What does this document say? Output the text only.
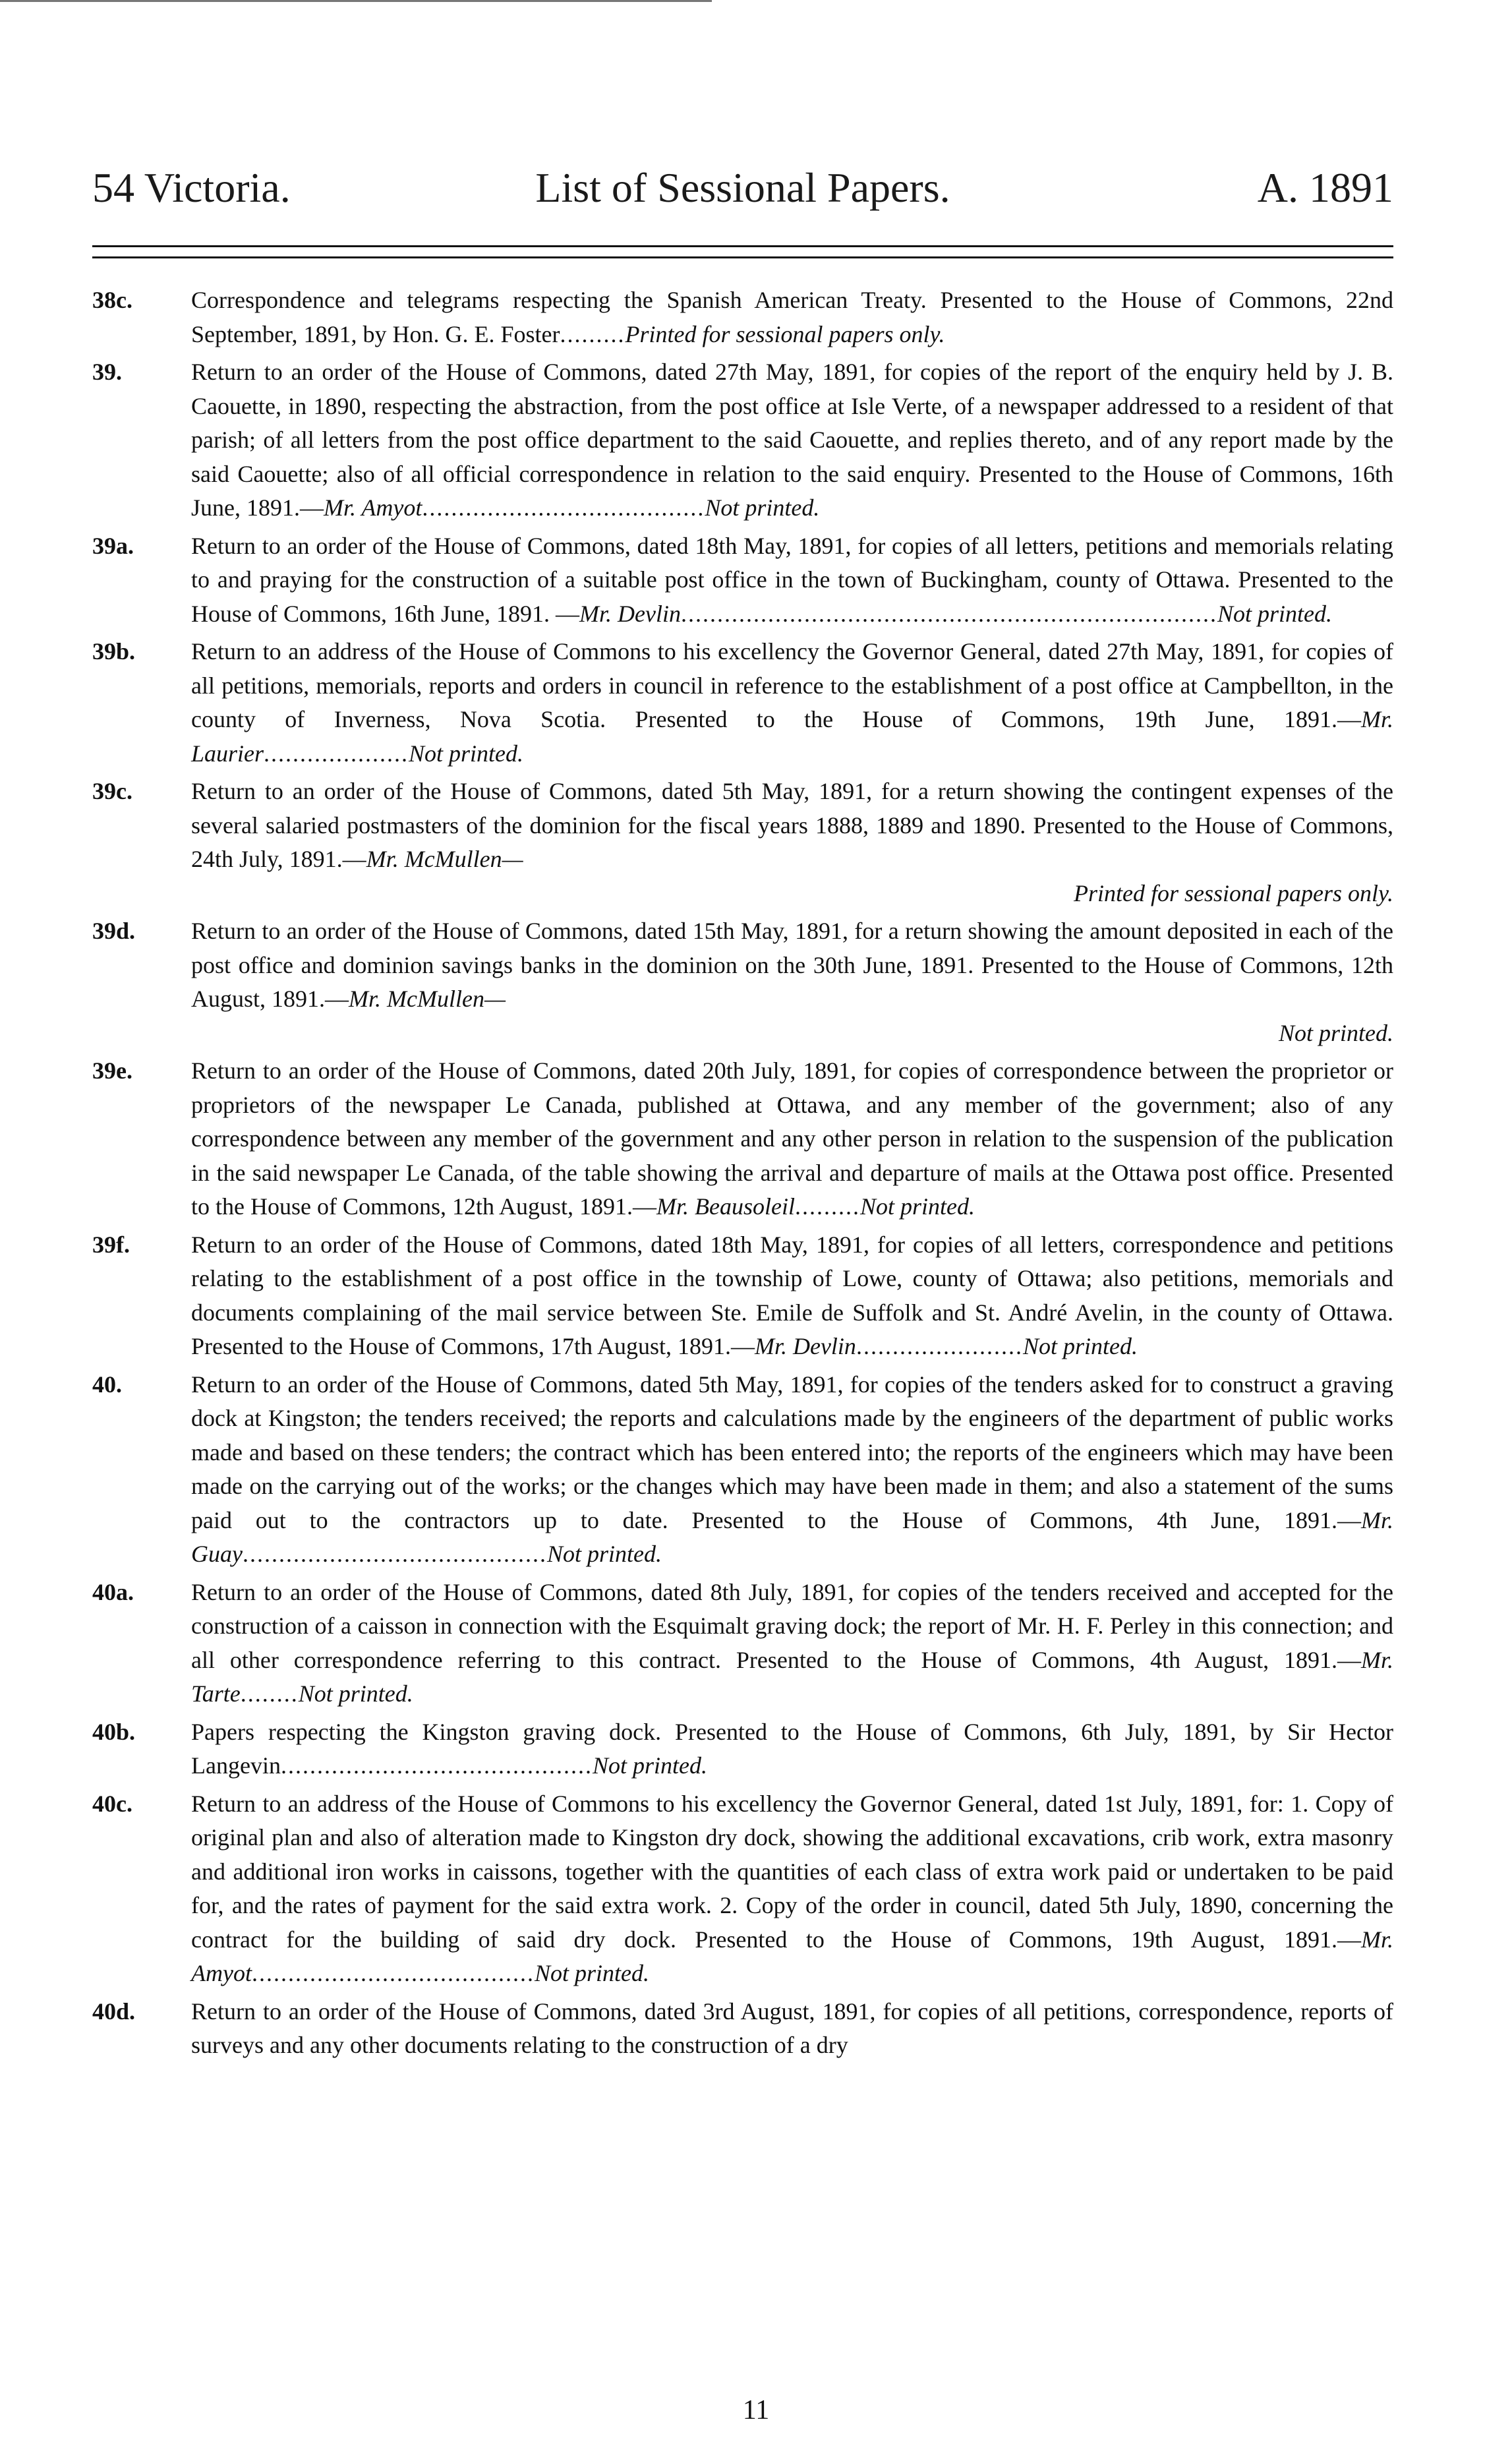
54 Victoria.	List of Sessional Papers.	A. 1891
38c.	Correspondence and telegrams respecting the Spanish American Treaty. Presented to the House of Commons, 22nd September, 1891, by Hon. G. E. Foster.........Printed for sessional papers only.
39.	Return to an order of the House of Commons, dated 27th May, 1891, for copies of the report of the enquiry held by J. B. Caouette, in 1890, respecting the abstraction, from the post office at Isle Verte, of a newspaper addressed to a resident of that parish; of all letters from the post office department to the said Caouette, and replies thereto, and of any report made by the said Caouette; also of all official correspondence in relation to the said enquiry. Presented to the House of Commons, 16th June, 1891.—Mr. Amyot.......................................Not printed.
39a.	Return to an order of the House of Commons, dated 18th May, 1891, for copies of all letters, petitions and memorials relating to and praying for the construction of a suitable post office in the town of Buckingham, county of Ottawa. Presented to the House of Commons, 16th June, 1891. —Mr. Devlin..........................................................................Not printed.
39b.	Return to an address of the House of Commons to his excellency the Governor General, dated 27th May, 1891, for copies of all petitions, memorials, reports and orders in council in reference to the establishment of a post office at Campbellton, in the county of Inverness, Nova Scotia. Presented to the House of Commons, 19th June, 1891.—Mr. Laurier....................Not printed.
39c.	Return to an order of the House of Commons, dated 5th May, 1891, for a return showing the contingent expenses of the several salaried postmasters of the dominion for the fiscal years 1888, 1889 and 1890. Presented to the House of Commons, 24th July, 1891.—Mr. McMullen—
Printed for sessional papers only.
39d.	Return to an order of the House of Commons, dated 15th May, 1891, for a return showing the amount deposited in each of the post office and dominion savings banks in the dominion on the 30th June, 1891. Presented to the House of Commons, 12th August, 1891.—Mr. McMullen—
Not printed.
39e.	Return to an order of the House of Commons, dated 20th July, 1891, for copies of correspondence between the proprietor or proprietors of the newspaper Le Canada, published at Ottawa, and any member of the government; also of any correspondence between any member of the government and any other person in relation to the suspension of the publication in the said newspaper Le Canada, of the table showing the arrival and departure of mails at the Ottawa post office. Presented to the House of Commons, 12th August, 1891.—Mr. Beausoleil.........Not printed.
39f.	Return to an order of the House of Commons, dated 18th May, 1891, for copies of all letters, correspondence and petitions relating to the establishment of a post office in the township of Lowe, county of Ottawa; also petitions, memorials and documents complaining of the mail service between Ste. Emile de Suffolk and St. André Avelin, in the county of Ottawa. Presented to the House of Commons, 17th August, 1891.—Mr. Devlin.......................Not printed.
40.	Return to an order of the House of Commons, dated 5th May, 1891, for copies of the tenders asked for to construct a graving dock at Kingston; the tenders received; the reports and calculations made by the engineers of the department of public works made and based on these tenders; the contract which has been entered into; the reports of the engineers which may have been made on the carrying out of the works; or the changes which may have been made in them; and also a statement of the sums paid out to the contractors up to date. Presented to the House of Commons, 4th June, 1891.—Mr. Guay..........................................Not printed.
40a.	Return to an order of the House of Commons, dated 8th July, 1891, for copies of the tenders received and accepted for the construction of a caisson in connection with the Esquimalt graving dock; the report of Mr. H. F. Perley in this connection; and all other correspondence referring to this contract. Presented to the House of Commons, 4th August, 1891.—Mr. Tarte........Not printed.
40b.	Papers respecting the Kingston graving dock. Presented to the House of Commons, 6th July, 1891, by Sir Hector Langevin...........................................Not printed.
40c.	Return to an address of the House of Commons to his excellency the Governor General, dated 1st July, 1891, for: 1. Copy of original plan and also of alteration made to Kingston dry dock, showing the additional excavations, crib work, extra masonry and additional iron works in caissons, together with the quantities of each class of extra work paid or undertaken to be paid for, and the rates of payment for the said extra work. 2. Copy of the order in council, dated 5th July, 1890, concerning the contract for the building of said dry dock. Presented to the House of Commons, 19th August, 1891.—Mr. Amyot.......................................Not printed.
40d.	Return to an order of the House of Commons, dated 3rd August, 1891, for copies of all petitions, correspondence, reports of surveys and any other documents relating to the construction of a dry
11
